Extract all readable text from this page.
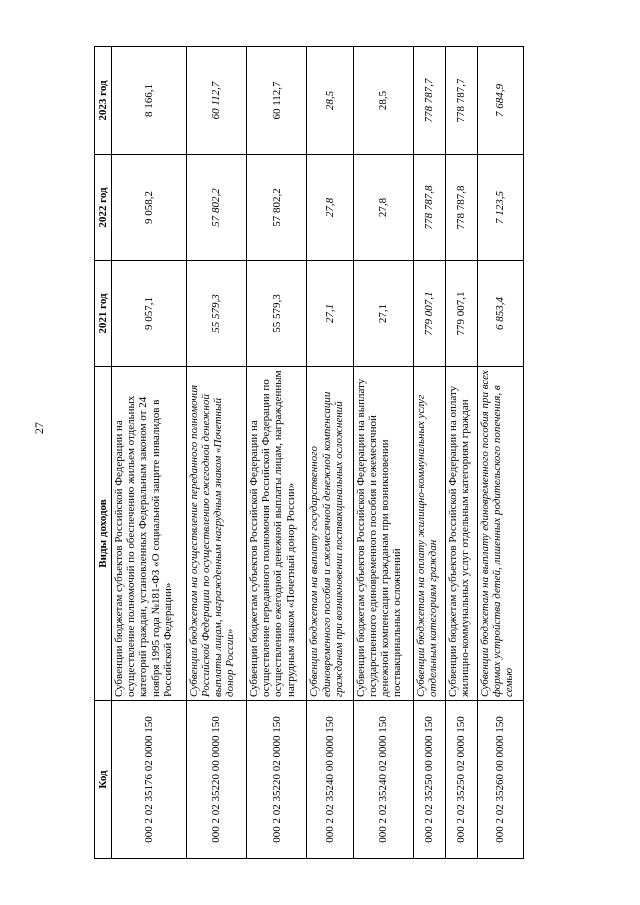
27
Код	Виды доходов	2021 год	2022 год	2023 год
000 2 02 35176 02 0000 150	Субвенции бюджетам субъектов Российской Федерации на осуществление полномочий по обеспечению жильем отдельных категорий граждан, установленных Федеральным законом от 24 ноября 1995 года №181-ФЗ «О социальной защите инвалидов в Российской Федерации»	9 057,1	9 058,2	8 166,1
000 2 02 35220 00 0000 150	Субвенции бюджетам на осуществление переданного полномочия Российской Федерации по осуществлению ежегодной денежной выплаты лицам, награжденным нагрудным знаком «Почетный донор России»	55 579,3	57 802,2	60 112,7
000 2 02 35220 02 0000 150	Субвенции бюджетам субъектов Российской Федерации на осуществление переданного полномочия Российской Федерации по осуществлению ежегодной денежной выплаты лицам, награжденным нагрудным знаком «Почетный донор России»	55 579,3	57 802,2	60 112,7
000 2 02 35240 00 0000 150	Субвенции бюджетам на выплату государственного единовременного пособия и ежемесячной денежной компенсации гражданам при возникновении поствакцинальных осложнений	27,1	27,8	28,5
000 2 02 35240 02 0000 150	Субвенции бюджетам субъектов Российской Федерации на выплату государственного единовременного пособия и ежемесячной денежной компенсации гражданам при возникновении поствакцинальных осложнений	27,1	27,8	28,5
000 2 02 35250 00 0000 150	Субвенции бюджетам на оплату жилищно-коммунальных услуг отдельным категориям граждан	779 007,1	778 787,8	778 787,7
000 2 02 35250 02 0000 150	Субвенции бюджетам субъектов Российской Федерации на оплату жилищно-коммунальных услуг отдельным категориям граждан	779 007,1	778 787,8	778 787,7
000 2 02 35260 00 0000 150	Субвенции бюджетам на выплату единовременного пособия при всех формах устройства детей, лишенных родительского попечения, в семью	6 853,4	7 123,5	7 684,9
